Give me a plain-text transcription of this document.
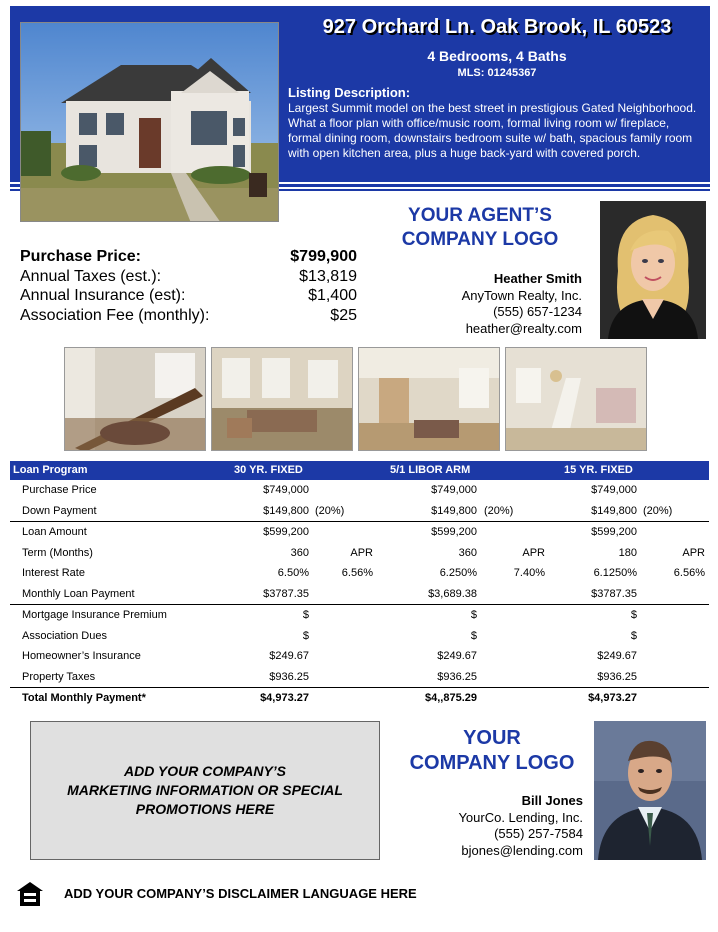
927 Orchard Ln. Oak Brook, IL 60523
4 Bedrooms, 4 Baths
MLS: 01245367
Listing Description:
Largest Summit model on the best street in prestigious Gated Neighborhood. What a floor plan with office/music room, formal living room w/ fireplace, formal dining room, downstairs bedroom suite w/ bath, spacious family room with open kitchen area, plus a huge back-yard with covered porch.
Purchase Price:	$799,900
Annual Taxes (est.):	$13,819
Annual Insurance (est):	$1,400
Association Fee (monthly):	$25
YOUR AGENT’S
COMPANY LOGO
Heather Smith
AnyTown Realty, Inc.
(555) 657-1234
heather@realty.com
Loan Program	30 YR. FIXED	5/1 LIBOR ARM	15 YR. FIXED
Purchase Price	$749,000	$749,000	$749,000
Down Payment	$149,800 (20%)	$149,800 (20%)	$149,800 (20%)
Loan Amount	$599,200	$599,200	$599,200
Term (Months)	360	APR	360	APR	180	APR
Interest Rate	6.50%	6.56%	6.250%	7.40%	6.1250%	6.56%
Monthly Loan Payment	$3787.35	$3,689.38	$3787.35
Mortgage Insurance Premium	$	$	$
Association Dues	$	$	$
Homeowner’s Insurance	$249.67	$249.67	$249.67
Property Taxes	$936.25	$936.25	$936.25
Total Monthly Payment*	$4,973.27	$4,,875.29	$4,973.27
ADD YOUR COMPANY’S
MARKETING INFORMATION OR SPECIAL
PROMOTIONS HERE
YOUR
COMPANY LOGO
Bill Jones
YourCo. Lending, Inc.
(555) 257-7584
bjones@lending.com
ADD YOUR COMPANY’S DISCLAIMER LANGUAGE HERE
